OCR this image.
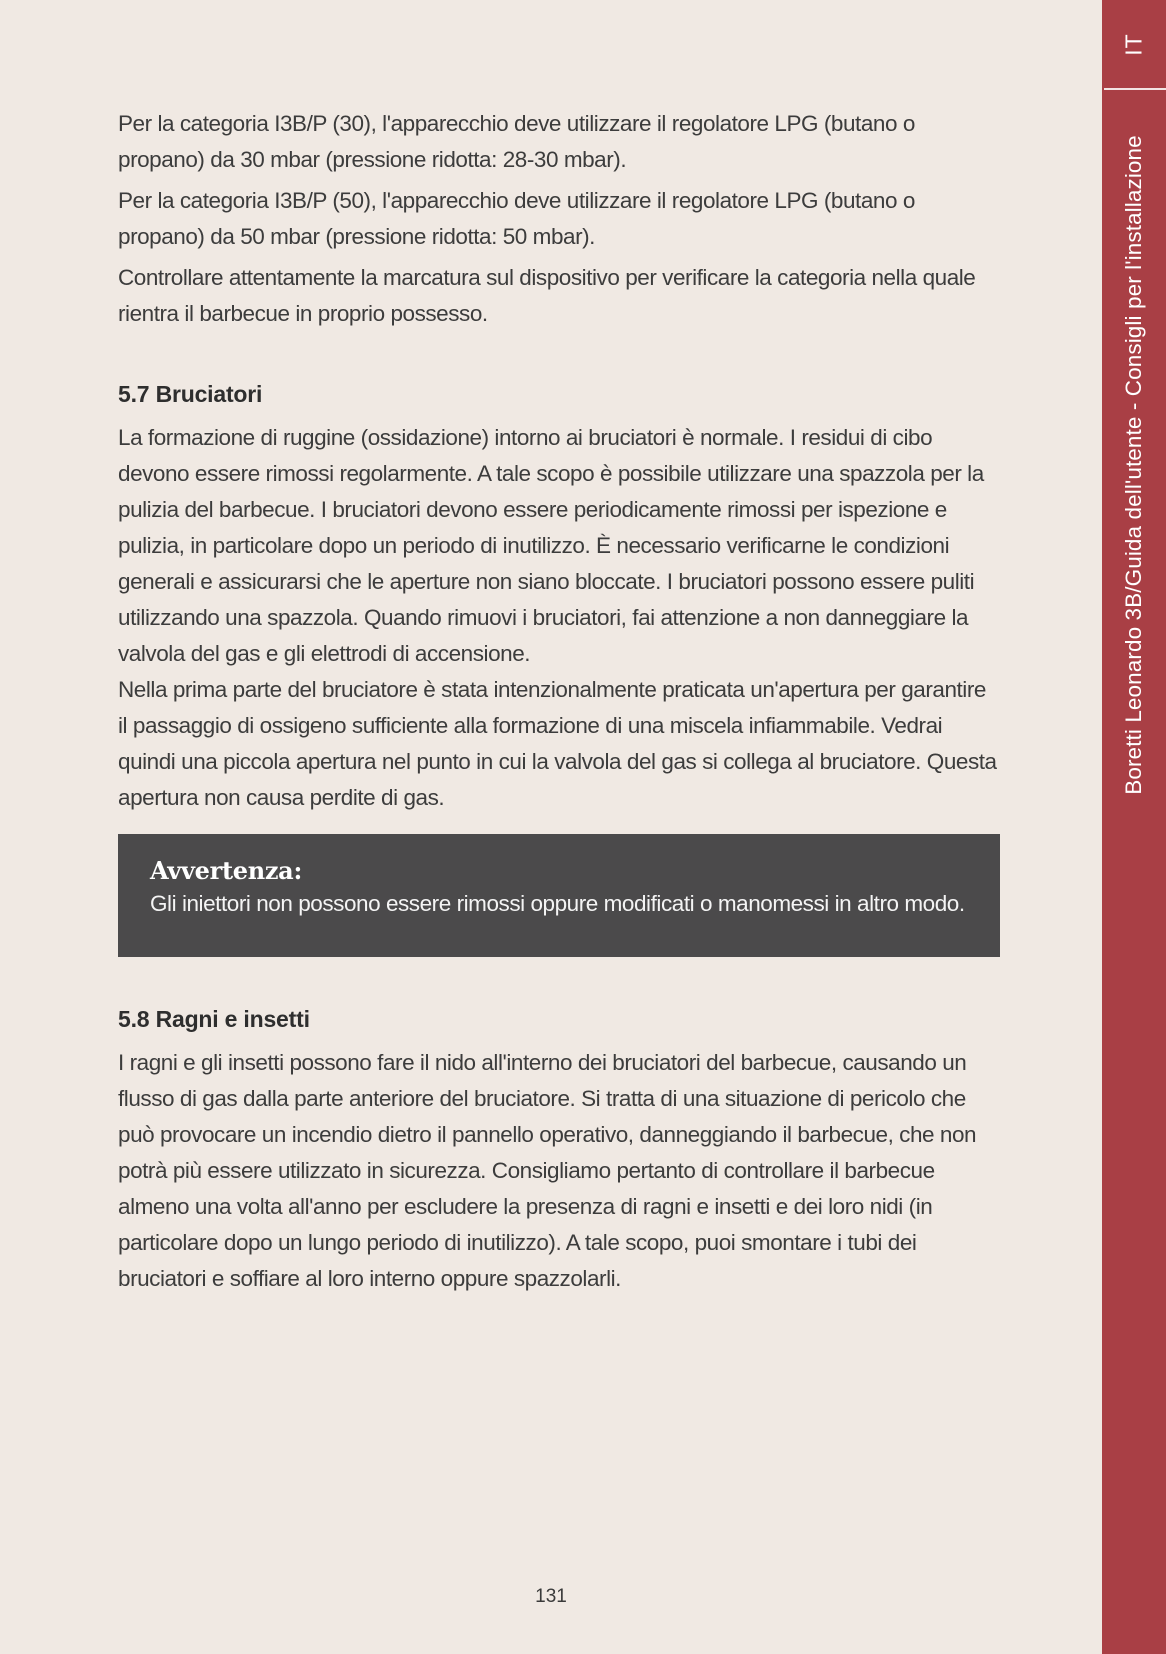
Per la categoria I3B/P (30), l'apparecchio deve utilizzare il regolatore LPG (butano o propano) da 30 mbar (pressione ridotta: 28-30 mbar).

Per la categoria I3B/P (50), l'apparecchio deve utilizzare il regolatore LPG (butano o propano) da 50 mbar (pressione ridotta: 50 mbar).

Controllare attentamente la marcatura sul dispositivo per verificare la categoria nella quale rientra il barbecue in proprio possesso.

5.7 Bruciatori

La formazione di ruggine (ossidazione) intorno ai bruciatori è normale. I residui di cibo devono essere rimossi regolarmente. A tale scopo è possibile utilizzare una spazzola per la pulizia del barbecue. I bruciatori devono essere periodicamente rimossi per ispezione e pulizia, in particolare dopo un periodo di inutilizzo. È necessario verificarne le condizioni generali e assicurarsi che le aperture non siano bloccate. I bruciatori possono essere puliti utilizzando una spazzola. Quando rimuovi i bruciatori, fai attenzione a non danneggiare la valvola del gas e gli elettrodi di accensione.

Nella prima parte del bruciatore è stata intenzionalmente praticata un'apertura per garantire il passaggio di ossigeno sufficiente alla formazione di una miscela infiammabile. Vedrai quindi una piccola apertura nel punto in cui la valvola del gas si collega al bruciatore. Questa apertura non causa perdite di gas.

Avvertenza:
Gli iniettori non possono essere rimossi oppure modificati o manomessi in altro modo.
5.8 Ragni e insetti

I ragni e gli insetti possono fare il nido all'interno dei bruciatori del barbecue, causando un flusso di gas dalla parte anteriore del bruciatore. Si tratta di una situazione di pericolo che può provocare un incendio dietro il pannello operativo, danneggiando il barbecue, che non potrà più essere utilizzato in sicurezza. Consigliamo pertanto di controllare il barbecue almeno una volta all'anno per escludere la presenza di ragni e insetti e dei loro nidi (in particolare dopo un lungo periodo di inutilizzo). A tale scopo, puoi smontare i tubi dei bruciatori e soffiare al loro interno oppure spazzolarli.

IT
Boretti Leonardo 3B/Guida dell'utente - Consigli per l'installazione
131
